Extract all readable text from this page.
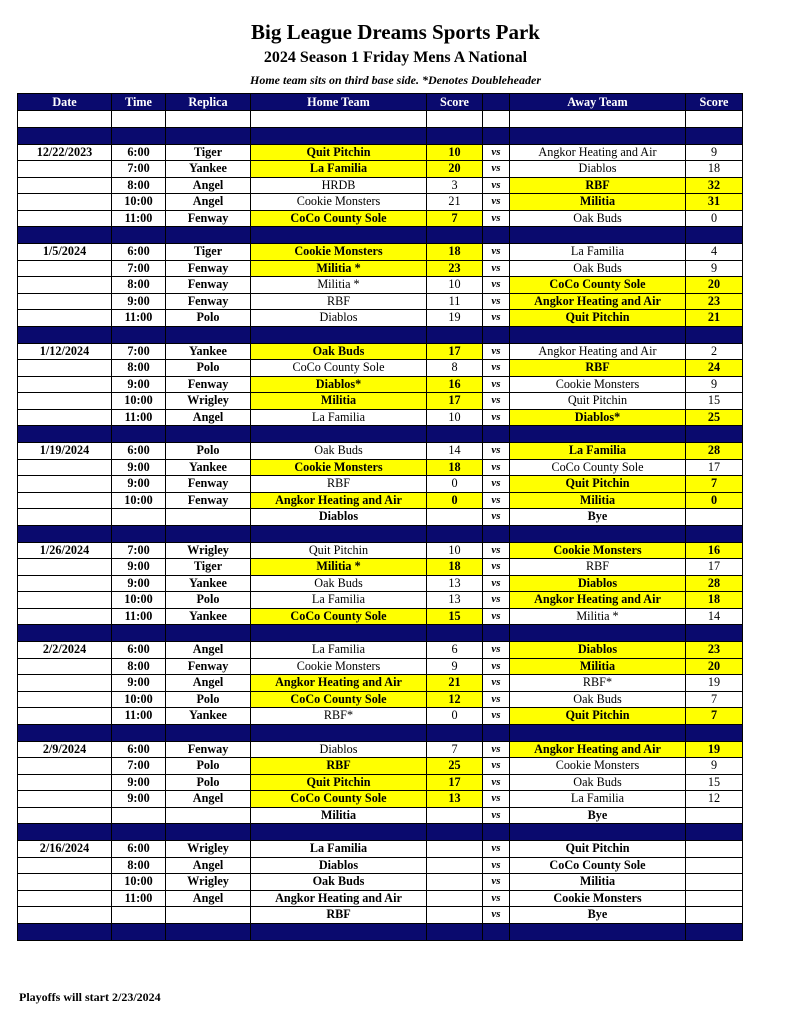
Big League Dreams Sports Park
2024 Season 1 Friday Mens A National
Home team sits on third base side. *Denotes Doubleheader
Date	Time	Replica	Home Team	Score		Away Team	Score

12/22/2023	6:00	Tiger	Quit Pitchin	10	vs	Angkor Heating and Air	9
	7:00	Yankee	La Familia	20	vs	Diablos	18
	8:00	Angel	HRDB	3	vs	RBF	32
	10:00	Angel	Cookie Monsters	21	vs	Militia	31
	11:00	Fenway	CoCo County Sole	7	vs	Oak Buds	0

1/5/2024	6:00	Tiger	Cookie Monsters	18	vs	La Familia	4
	7:00	Fenway	Militia *	23	vs	Oak Buds	9
	8:00	Fenway	Militia *	10	vs	CoCo County Sole	20
	9:00	Fenway	RBF	11	vs	Angkor Heating and Air	23
	11:00	Polo	Diablos	19	vs	Quit Pitchin	21

1/12/2024	7:00	Yankee	Oak Buds	17	vs	Angkor Heating and Air	2
	8:00	Polo	CoCo County Sole	8	vs	RBF	24
	9:00	Fenway	Diablos*	16	vs	Cookie Monsters	9
	10:00	Wrigley	Militia	17	vs	Quit Pitchin	15
	11:00	Angel	La Familia	10	vs	Diablos*	25

1/19/2024	6:00	Polo	Oak Buds	14	vs	La Familia	28
	9:00	Yankee	Cookie Monsters	18	vs	CoCo County Sole	17
	9:00	Fenway	RBF	0	vs	Quit Pitchin	7
	10:00	Fenway	Angkor Heating and Air	0	vs	Militia	0
			Diablos		vs	Bye	

1/26/2024	7:00	Wrigley	Quit Pitchin	10	vs	Cookie Monsters	16
	9:00	Tiger	Militia *	18	vs	RBF	17
	9:00	Yankee	Oak Buds	13	vs	Diablos	28
	10:00	Polo	La Familia	13	vs	Angkor Heating and Air	18
	11:00	Yankee	CoCo County Sole	15	vs	Militia *	14

2/2/2024	6:00	Angel	La Familia	6	vs	Diablos	23
	8:00	Fenway	Cookie Monsters	9	vs	Militia	20
	9:00	Angel	Angkor Heating and Air	21	vs	RBF*	19
	10:00	Polo	CoCo County Sole	12	vs	Oak Buds	7
	11:00	Yankee	RBF*	0	vs	Quit Pitchin	7

2/9/2024	6:00	Fenway	Diablos	7	vs	Angkor Heating and Air	19
	7:00	Polo	RBF	25	vs	Cookie Monsters	9
	9:00	Polo	Quit Pitchin	17	vs	Oak Buds	15
	9:00	Angel	CoCo County Sole	13	vs	La Familia	12
			Militia		vs	Bye	

2/16/2024	6:00	Wrigley	La Familia		vs	Quit Pitchin	
	8:00	Angel	Diablos		vs	CoCo County Sole	
	10:00	Wrigley	Oak Buds		vs	Militia	
	11:00	Angel	Angkor Heating and Air		vs	Cookie Monsters	
			RBF		vs	Bye	

Playoffs will start 2/23/2024
